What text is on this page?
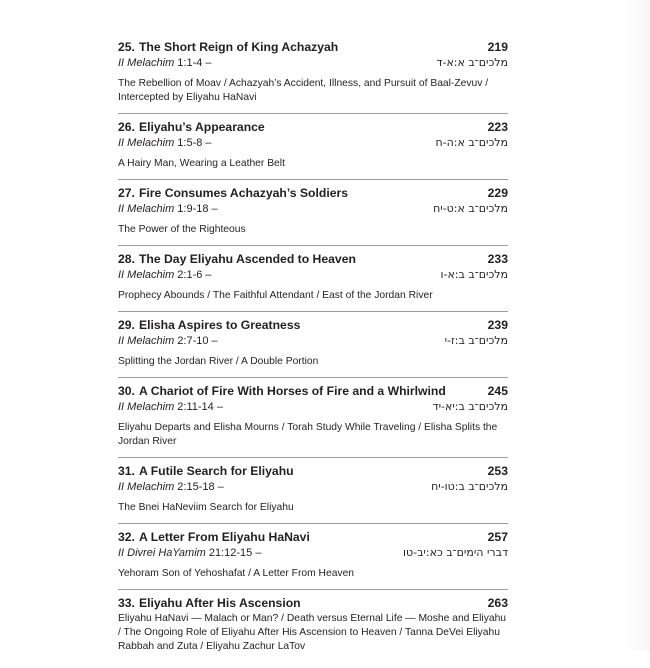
25. The Short Reign of King Achazyah	219
II Melachim 1:1-4 –	מלכים־ב א:א-ד
The Rebellion of Moav / Achazyah’s Accident, Illness, and Pursuit of Baal-Zevuv / Intercepted by Eliyahu HaNavi
26. Eliyahu’s Appearance	223
II Melachim 1:5-8 –	מלכים־ב א:ה-ח
A Hairy Man, Wearing a Leather Belt
27. Fire Consumes Achazyah’s Soldiers	229
II Melachim 1:9-18 –	מלכים־ב א:ט-יח
The Power of the Righteous
28. The Day Eliyahu Ascended to Heaven	233
II Melachim 2:1-6 –	מלכים־ב ב:א-ו
Prophecy Abounds / The Faithful Attendant / East of the Jordan River
29. Elisha Aspires to Greatness	239
II Melachim 2:7-10 –	מלכים־ב ב:ז-י
Splitting the Jordan River / A Double Portion
30. A Chariot of Fire With Horses of Fire and a Whirlwind	245
II Melachim 2:11-14 –	מלכים־ב ב:יא-יד
Eliyahu Departs and Elisha Mourns / Torah Study While Traveling / Elisha Splits the Jordan River
31. A Futile Search for Eliyahu	253
II Melachim 2:15-18 –	מלכים־ב ב:טו-יח
The Bnei HaNeviim Search for Eliyahu
32. A Letter From Eliyahu HaNavi	257
II Divrei HaYamim 21:12-15 –	דברי הימים־ב כא:יב-טו
Yehoram Son of Yehoshafat / A Letter From Heaven
33. Eliyahu After His Ascension	263
Eliyahu HaNavi — Malach or Man? / Death versus Eternal Life — Moshe and Eliyahu / The Ongoing Role of Eliyahu After His Ascension to Heaven / Tanna DeVei Eliyahu Rabbah and Zuta / Eliyahu Zachur LaTov
